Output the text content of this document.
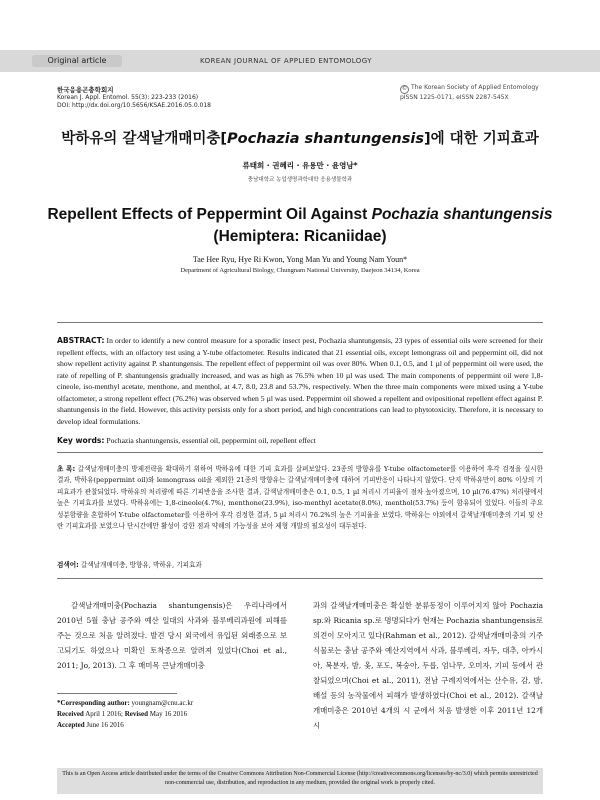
Original article	KOREAN JOURNAL OF APPLIED ENTOMOLOGY
한국응용곤충학회지
Korean J. Appl. Entomol. 55(3): 223-233 (2016)
DOI: http://dx.doi.org/10.5656/KSAE.2016.05.0.018
© The Korean Society of Applied Entomology
pISSN 1225-0171, eISSN 2287-545X
박하유의 갈색날개매미충[Pochazia shantungensis]에 대한 기피효과
류태희 · 권혜리 · 유용만 · 윤영남*
충남대학교 농업생명과학대학 응용생물학과
Repellent Effects of Peppermint Oil Against Pochazia shantungensis
(Hemiptera: Ricaniidae)
Tae Hee Ryu, Hye Ri Kwon, Yong Man Yu and Young Nam Youn*
Department of Agricultural Biology, Chungnam National University, Daejeon 34134, Korea
ABSTRACT: In order to identify a new control measure for a sporadic insect pest, Pochazia shantungensis, 23 types of essential oils were screened for their repellent effects, with an olfactory test using a Y-tube olfactometer. Results indicated that 21 essential oils, except lemongrass oil and peppermint oil, did not show repellent activity against P. shantungensis. The repellent effect of peppermint oil was over 80%. When 0.1, 0.5, and 1 µl of peppermint oil were used, the rate of repelling of P. shantungensis gradually increased, and was as high as 76.5% when 10 µl was used. The main components of peppermint oil were 1,8-cineole, iso-menthyl acetate, menthone, and menthol, at 4.7, 8.0, 23.8 and 53.7%, respectively. When the three main components were mixed using a Y-tube olfactometer, a strong repellent effect (76.2%) was observed when 5 µl was used. Peppermint oil showed a repellent and ovipositional repellent effect against P. shantungensis in the field. However, this activity persists only for a short period, and high concentrations can lead to phytotoxicity. Therefore, it is necessary to develop ideal formulations.
Key words: Pochazia shantungensis, essential oil, peppermint oil, repellent effect
초 록: 갈색날개매미충의 방제전략을 확대하기 위하여 박하유에 대한 기피 효과를 살펴보았다. 23종의 방향유를 Y-tube olfactometer를 이용하여 후각 검정을 실시한 결과, 박하유(peppermint oil)와 lemongrass oil을 제외한 21종의 방향유는 갈색날개매미충에 대하여 기피반응이 나타나지 않았다. 단지 박하유만이 80% 이상의 기피효과가 관찰되었다. 박하유의 처리량에 따른 기피반응을 조사한 결과, 갈색날개매미충은 0.1, 0.5, 1 µl 처리시 기피율이 점차 높아졌으며, 10 µl(76.47%) 처리량에서 높은 기피효과를 보였다. 박하유에는 1,8-cineole(4.7%), menthone(23.9%), iso-menthyl acetate(8.0%), menthol(53.7%) 등이 함유되어 있었다. 이들의 주요 성분함량을 혼합하여 Y-tube olfactometer를 이용하여 후각 검정한 결과, 5 µl 처리시 76.2%의 높은 기피율을 보였다. 박하유는 야외에서 갈색날개매미충의 기피 및 산란 기피효과를 보였으나 단시간에만 활성이 강한 점과 약해의 가능성을 보아 제형 개발의 필요성이 대두된다.
검색어: 갈색날개매미충, 방향유, 박하유, 기피효과
갈색날개매미충(Pochazia shantungensis)은 우리나라에서 2010년 5월 충남 공주와 예산 일대의 사과와 블루베리과원에 피해를 주는 것으로 처음 알려졌다. 발견 당시 외국에서 유입된 외래종으로 보고되기도 하였으나 미확인 토착종으로 알려져 있었다(Choi et al., 2011; Jo, 2013). 그 후 매미목 큰날개매미충
과의 갈색날개매미충은 확실한 분류동정이 이루어지지 않아 Pochazia sp.와 Ricania sp.로 명명되다가 현재는 Pochazia shantungensis로 의견이 모아지고 있다(Rahman et al., 2012). 갈색날개매미충의 기주 식물로는 충남 공주와 예산지역에서 사과, 블루베리, 자두, 대추, 아카시아, 복분자, 밤, 옻, 포도, 복숭아, 두릅, 엄나무, 오미자, 기피 등에서 관찰되었으며(Choi et al., 2011), 전남 구례지역에서는 산수유, 감, 밤, 배설 등의 농작물에서 피해가 발생하였다(Choi et al., 2012). 갈색날개매미충은 2010년 4개의 시 군에서 처음 발생한 이후 2011년 12개 시
*Corresponding author: youngnam@cnu.ac.kr
Received April 1 2016; Revised May 16 2016
Accepted June 16 2016
This is an Open Access article distributed under the terms of the Creative Commons Attribution Non-Commercial License (http://creativecommons.org/licenses/by-nc/3.0) which permits unrestricted non-commercial use, distribution, and reproduction in any medium, provided the original work is properly cited.
